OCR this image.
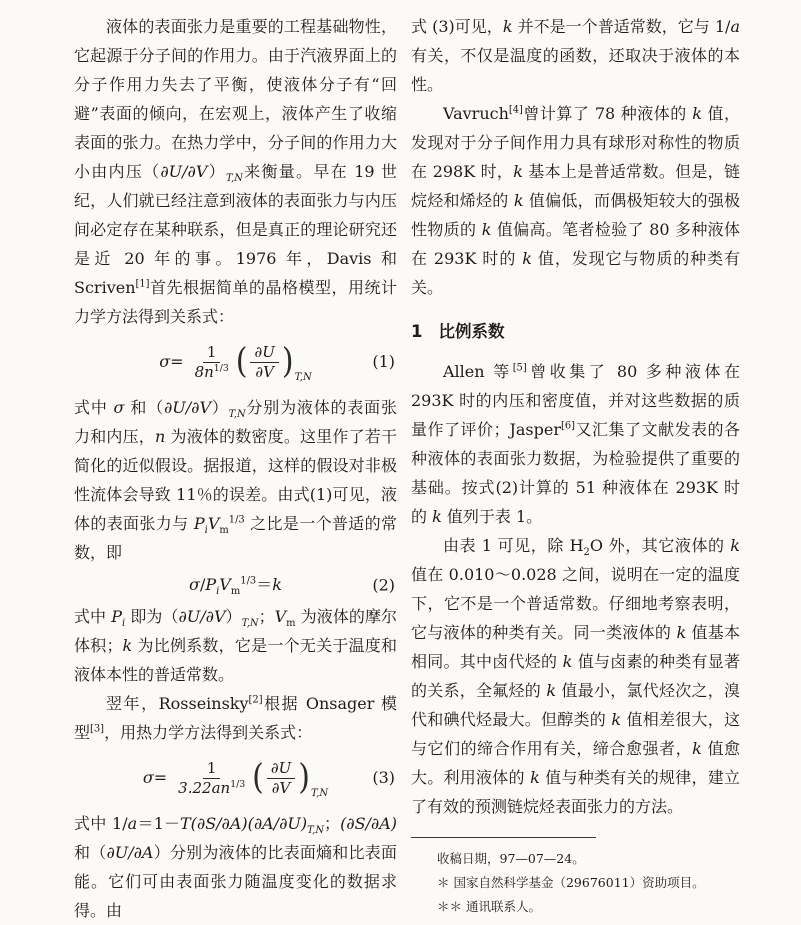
液体的表面张力是重要的工程基础物性，它起源于分子间的作用力。由于汽液界面上的分子作用力失去了平衡，使液体分子有“回避”表面的倾向，在宏观上，液体产生了收缩表面的张力。在热力学中，分子间的作用力大小由内压$(\partial U/\partial V)_{T,N}$来衡量。早在 19 世纪，人们就已经注意到液体的表面张力与内压间必定存在某种联系，但是真正的理论研究还是近 20 年的事。1976 年，Davis 和 Scriven[1]首先根据简单的晶格模型，用统计力学方法得到关系式：

$\sigma= \frac{1}{8n^{1/3}}$ ( $\frac{\partial U}{\partial V}$ ) T,N
(1)

式中 σ 和$(\partial U/\partial V)_{T,N}$分别为液体的表面张力和内压，n 为液体的数密度。这里作了若干简化的近似假设。据报道，这样的假设对非极性流体会导致 11％的误差。由式(1)可见，液体的表面张力与 $P_iV_m^{1/3}$ 之比是一个普适的常数，即

$\sigma/P_iV_m^{1/3}=k$	(2)

式中 $P_i$ 即为$(\partial U/\partial V)_{T,N}$；$V_m$ 为液体的摩尔体积；k 为比例系数，它是一个无关于温度和液体本性的普适常数。

翌年，Rosseinsky[2]根据 Onsager 模型[3]，用热力学方法得到关系式：

$\sigma= \frac{1}{3.22an^{1/3}}$ ( $\frac{\partial U}{\partial V}$ ) T,N
(3)

式中 $1/a=1-T(\partial S/\partial A)(\partial A/\partial U)_{T,N}$；(∂S/∂A) 和（∂U/∂A）分别为液体的比表面熵和比表面能。它们可由表面张力随温度变化的数据求得。由

式 (3)可见，k 并不是一个普适常数，它与 1/a 有关，不仅是温度的函数，还取决于液体的本性。

Vavruch[4]曾计算了 78 种液体的 k 值，发现对于分子间作用力具有球形对称性的物质在 298K 时，k 基本上是普适常数。但是，链烷烃和烯烃的 k 值偏低，而偶极矩较大的强极性物质的 k 值偏高。笔者检验了 80 多种液体在 293K 时的 k 值，发现它与物质的种类有关。

1 比例系数

Allen 等[5]曾收集了 80 多种液体在 293K 时的内压和密度值，并对这些数据的质量作了评价；Jasper[6]又汇集了文献发表的各种液体的表面张力数据，为检验提供了重要的基础。按式(2)计算的 51 种液体在 293K 时的 k 值列于表 1。

由表 1 可见，除 $H_2O$ 外，其它液体的 k 值在 0.010～0.028 之间，说明在一定的温度下，它不是一个普适常数。仔细地考察表明，它与液体的种类有关。同一类液体的 k 值基本相同。其中卤代烃的 k 值与卤素的种类有显著的关系，全氟烃的 k 值最小，氯代烃次之，溴代和碘代烃最大。但醇类的 k 值相差很大，这与它们的缔合作用有关，缔合愈强者，k 值愈大。利用液体的 k 值与种类有关的规律，建立了有效的预测链烷烃表面张力的方法。

收稿日期，97—07—24。

＊ 国家自然科学基金（29676011）资助项目。

＊＊ 通讯联系人。
